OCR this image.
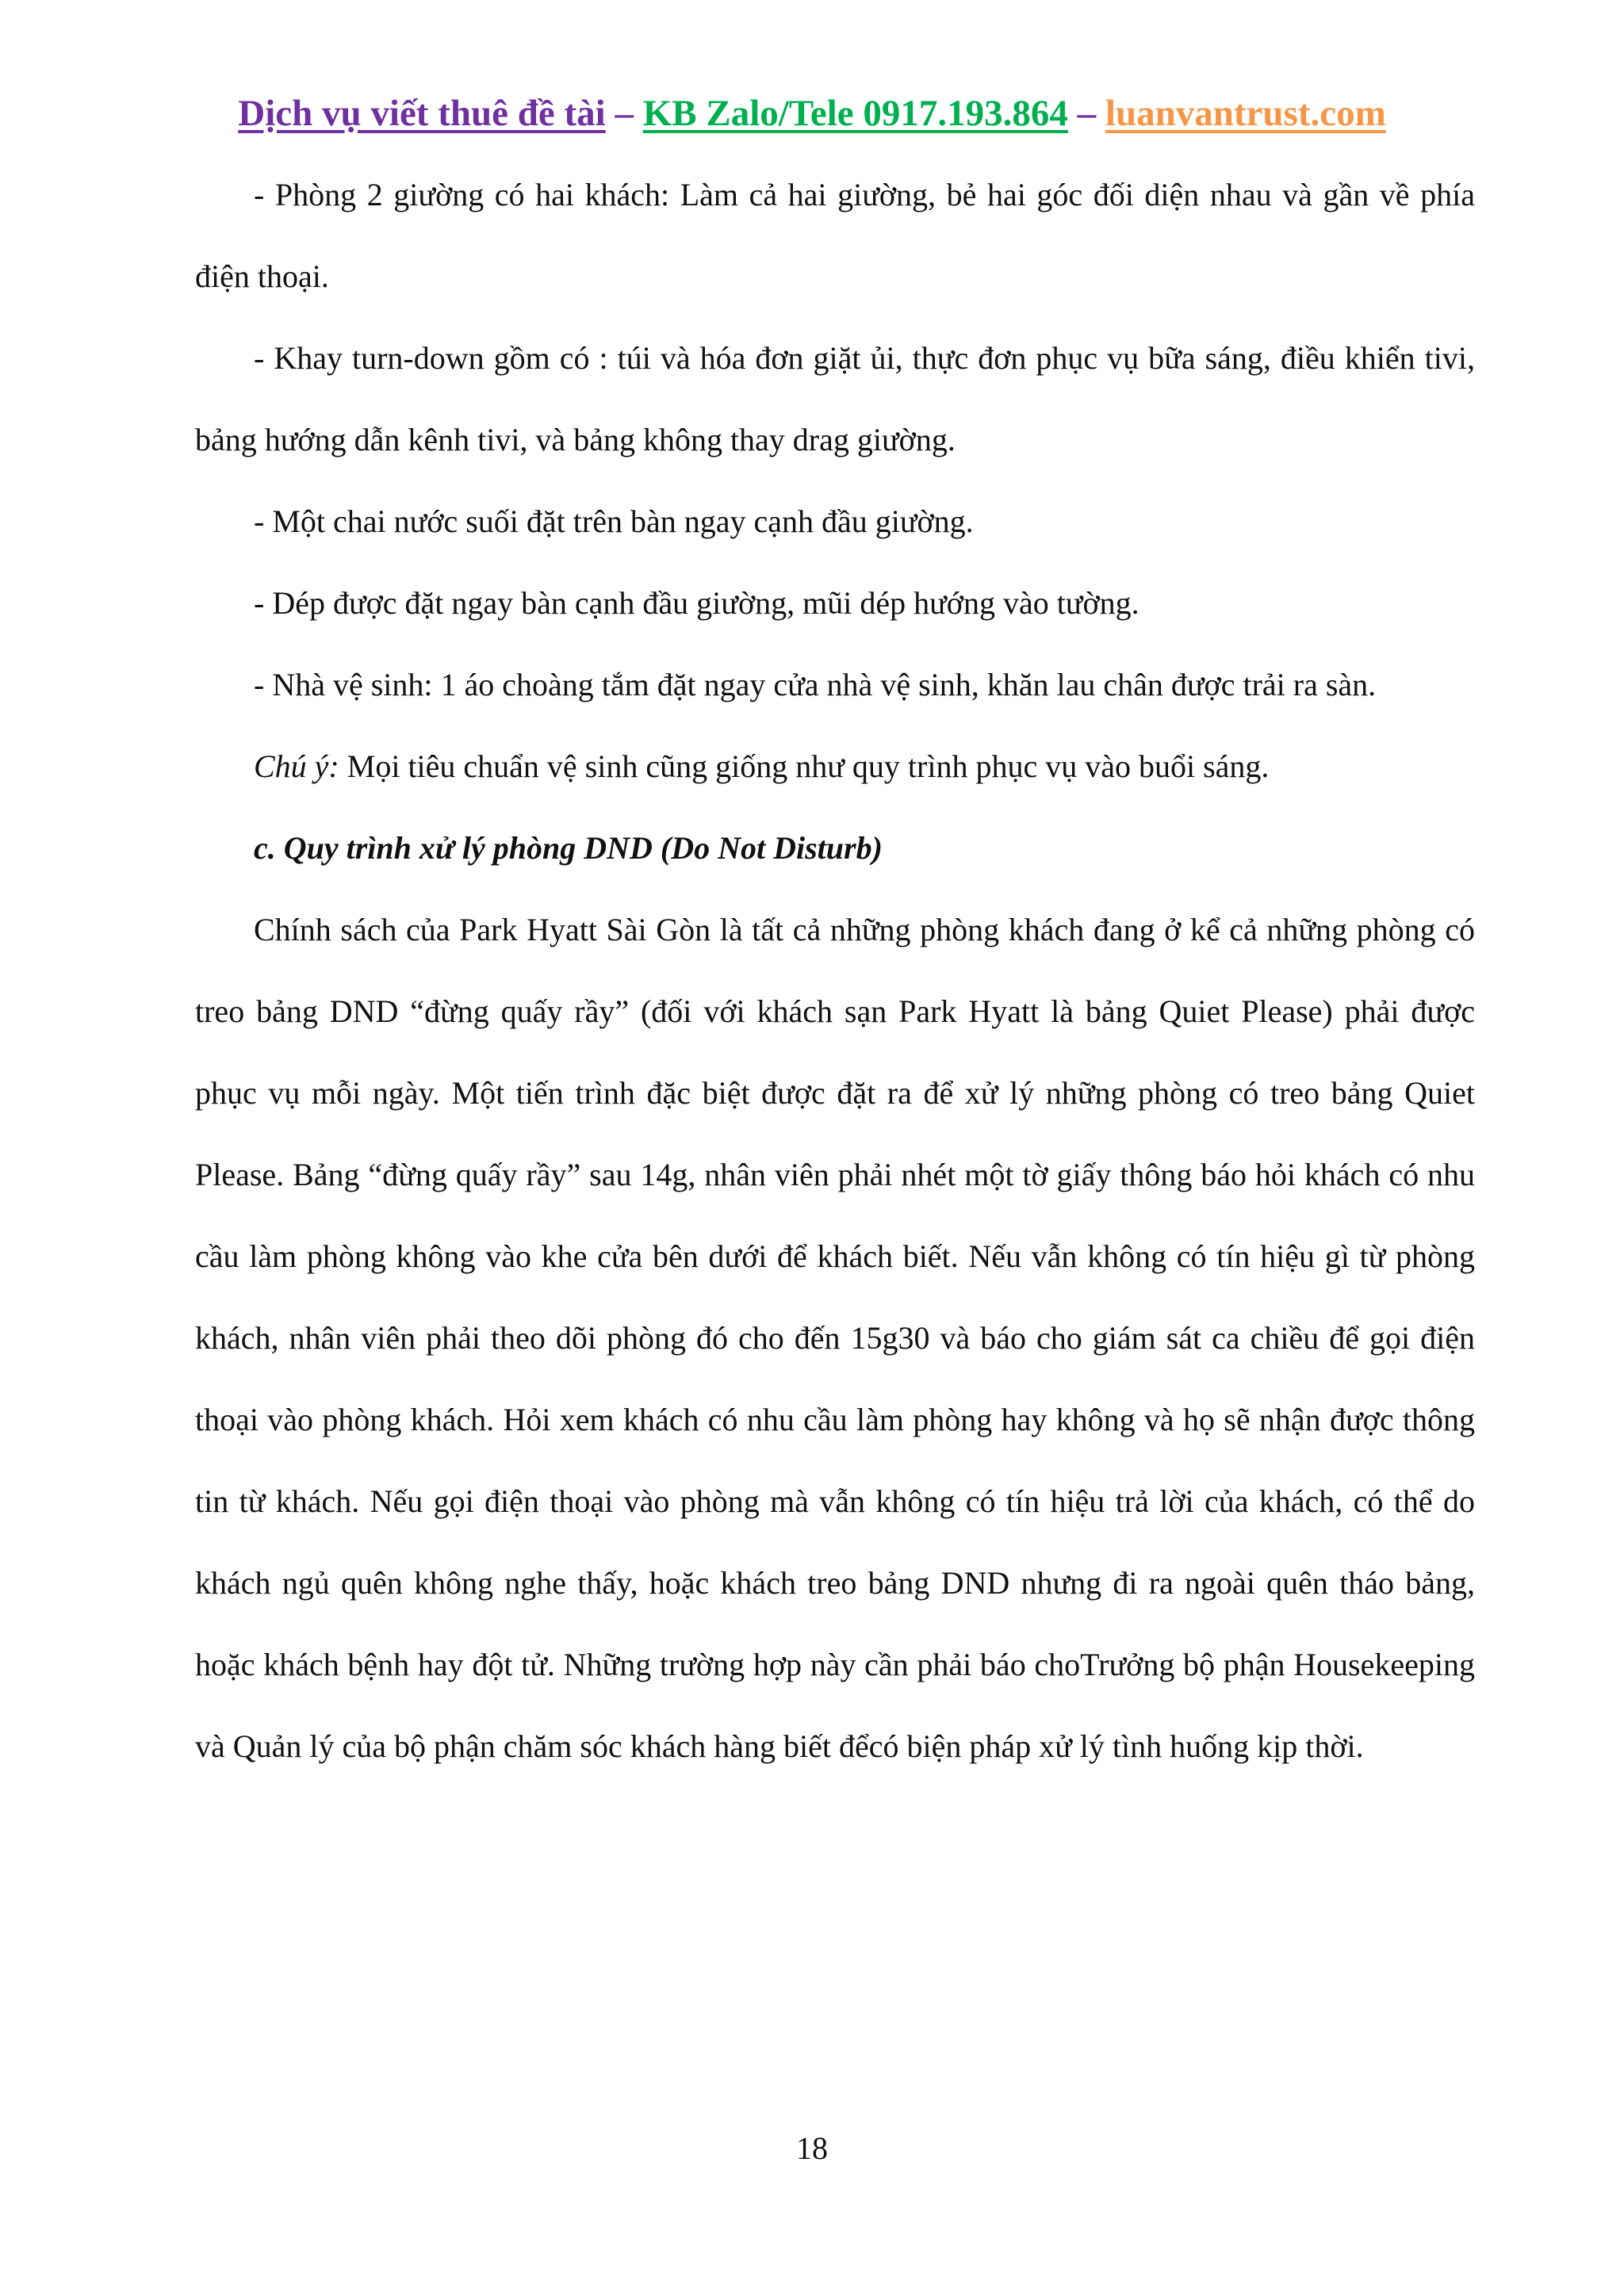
Dịch vụ viết thuê đề tài – KB Zalo/Tele 0917.193.864 – luanvantrust.com

- Phòng 2 giường có hai khách: Làm cả hai giường, bẻ hai góc đối diện nhau và gần về phía điện thoại.

- Khay turn-down gồm có : túi và hóa đơn giặt ủi, thực đơn phục vụ bữa sáng, điều khiển tivi, bảng hướng dẫn kênh tivi, và bảng không thay drag giường.

- Một chai nước suối đặt trên bàn ngay cạnh đầu giường.

- Dép được đặt ngay bàn cạnh đầu giường, mũi dép hướng vào tường.

- Nhà vệ sinh: 1 áo choàng tắm đặt ngay cửa nhà vệ sinh, khăn lau chân được trải ra sàn.

Chú ý: Mọi tiêu chuẩn vệ sinh cũng giống như quy trình phục vụ vào buổi sáng.

c. Quy trình xử lý phòng DND (Do Not Disturb)

Chính sách của Park Hyatt Sài Gòn là tất cả những phòng khách đang ở kể cả những phòng có treo bảng DND “đừng quấy rầy” (đối với khách sạn Park Hyatt là bảng Quiet Please) phải được phục vụ mỗi ngày. Một tiến trình đặc biệt được đặt ra để xử lý những phòng có treo bảng Quiet Please. Bảng “đừng quấy rầy” sau 14g, nhân viên phải nhét một tờ giấy thông báo hỏi khách có nhu cầu làm phòng không vào khe cửa bên dưới để khách biết. Nếu vẫn không có tín hiệu gì từ phòng khách, nhân viên phải theo dõi phòng đó cho đến 15g30 và báo cho giám sát ca chiều để gọi điện thoại vào phòng khách. Hỏi xem khách có nhu cầu làm phòng hay không và họ sẽ nhận được thông tin từ khách. Nếu gọi điện thoại vào phòng mà vẫn không có tín hiệu trả lời của khách, có thể do khách ngủ quên không nghe thấy, hoặc khách treo bảng DND nhưng đi ra ngoài quên tháo bảng, hoặc khách bệnh hay đột tử. Những trường hợp này cần phải báo choTrưởng bộ phận Housekeeping và Quản lý của bộ phận chăm sóc khách hàng biết đểcó biện pháp xử lý tình huống kịp thời.

18
